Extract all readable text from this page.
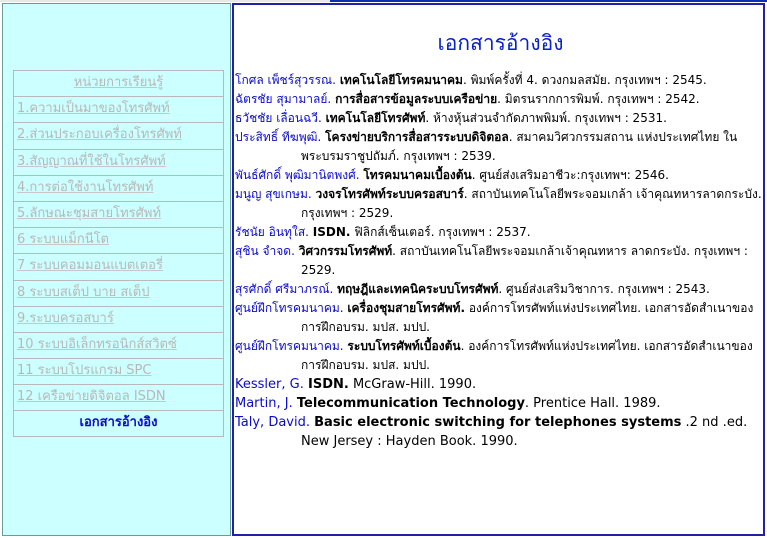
หน่วยการเรียนรู้
1.ความเป็นมาของโทรศัพท์
2.ส่วนประกอบเครื่องโทรศัพท์
3.สัญญาณที่ใช้ในโทรศัพท์
4.การต่อใช้งานโทรศัพท์
5.ลักษณะชุมสายโทรศัพท์
6 ระบบแม็กนีโต
7 ระบบคอมมอนแบตเตอรี่
8 ระบบสเต็ป บาย สเต็ป
9.ระบบครอสบาร์
10 ระบบอิเล็กทรอนิกส์สวิตซ์
11 ระบบโปรแกรม SPC
12 เครือข่ายดิจิตอล ISDN
เอกสารอ้างอิง
เอกสารอ้างอิง
โกศล เพ็ชร์สุวรรณ. เทคโนโลยีโทรคมนาคม. พิมพ์ครั้งที่ 4. ดวงกมลสมัย. กรุงเทพฯ : 2545.
ฉัตรชัย สุมามาลย์. การสื่อสารข้อมูลระบบเครือข่าย. มิตรนรากการพิมพ์. กรุงเทพฯ : 2542.
ธวัชชัย เลื่อนฉวี. เทคโนโลยีโทรศัพท์. ห้างหุ้นส่วนจำกัดภาพพิมพ์. กรุงเทพฯ : 2531.
ประสิทธิ์ ทีฆพุฒิ. โครงข่ายบริการสื่อสารระบบดิจิตอล. สมาคมวิศวกรรมสถาน แห่งประเทศไทย ในพระบรมราชูปถัมภ์. กรุงเทพฯ : 2539.
พันธ์ศักดิ์ พุฒิมานิตพงศ์. โทรคมนาคมเบื้องต้น. ศูนย์ส่งเสริมอาชีวะ:กรุงเทพฯ: 2546.
มนูญ สุขเกษม. วงจรโทรศัพท์ระบบครอสบาร์. สถาบันเทคโนโลยีพระจอมเกล้า เจ้าคุณทหารลาดกระบัง. กรุงเทพฯ : 2529.
รัชนัย อินทุใส. ISDN. ฟิลิกส์เซ็นเตอร์. กรุงเทพฯ : 2537.
สุชิน จำจด. วิศวกรรมโทรศัพท์. สถาบันเทคโนโลยีพระจอมเกล้าเจ้าคุณทหาร ลาดกระบัง. กรุงเทพฯ : 2529.
สุรศักดิ์ ศรีมาภรณ์. ทฤษฎีและเทคนิคระบบโทรศัพท์. ศูนย์ส่งเสริมวิชาการ. กรุงเทพฯ : 2543.
ศูนย์ฝึกโทรคมนาคม. เครื่องชุมสายโทรศัพท์. องค์การโทรศัพท์แห่งประเทศไทย. เอกสารอัดสำเนาของการฝึกอบรม. มปส. มปป.
ศูนย์ฝึกโทรคมนาคม. ระบบโทรศัพท์เบื้องต้น. องค์การโทรศัพท์แห่งประเทศไทย. เอกสารอัดสำเนาของการฝึกอบรม. มปส. มปป.
Kessler, G. ISDN. McGraw-Hill. 1990.
Martin, J. Telecommunication Technology. Prentice Hall. 1989.
Taly, David. Basic electronic switching for telephones systems .2 nd .ed. New Jersey : Hayden Book. 1990.
